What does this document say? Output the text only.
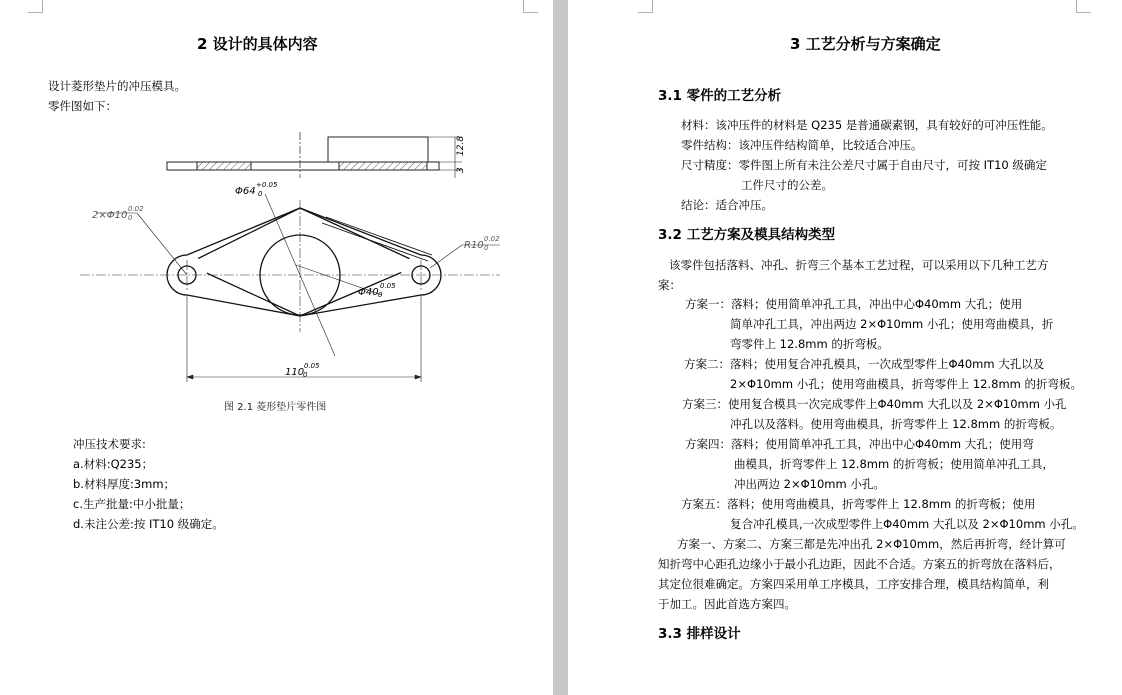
2 设计的具体内容
设计菱形垫片的冲压模具。
零件图如下：
12.8
3
Φ64
+0.05
0
2×Φ10
0.02
0
R10
0.02
0
Φ40
0.05
0
110
0.05
0
图 2.1 菱形垫片零件图
冲压技术要求:
a.材料:Q235；
b.材料厚度:3mm；
c.生产批量:中小批量；
d.未注公差:按 IT10 级确定。
3 工艺分析与方案确定
3.1 零件的工艺分析
材料：该冲压件的材料是 Q235 是普通碳素钢，具有较好的可冲压性能。
零件结构：该冲压件结构简单，比较适合冲压。
尺寸精度：零件图上所有未注公差尺寸属于自由尺寸，可按 IT10 级确定
工件尺寸的公差。
结论：适合冲压。
3.2 工艺方案及模具结构类型
该零件包括落料、冲孔、折弯三个基本工艺过程，可以采用以下几种工艺方
案：
方案一：落料；使用简单冲孔工具，冲出中心Φ40mm 大孔；使用
简单冲孔工具，冲出两边 2×Φ10mm 小孔；使用弯曲模具，折
弯零件上 12.8mm 的折弯板。
方案二：落料；使用复合冲孔模具，一次成型零件上Φ40mm 大孔以及
2×Φ10mm 小孔；使用弯曲模具，折弯零件上 12.8mm 的折弯板。
方案三：使用复合模具一次完成零件上Φ40mm 大孔以及 2×Φ10mm 小孔
冲孔以及落料。使用弯曲模具，折弯零件上 12.8mm 的折弯板。
方案四：落料；使用简单冲孔工具，冲出中心Φ40mm 大孔；使用弯
曲模具，折弯零件上 12.8mm 的折弯板；使用简单冲孔工具，
冲出两边 2×Φ10mm 小孔。
方案五：落料；使用弯曲模具，折弯零件上 12.8mm 的折弯板；使用
复合冲孔模具,一次成型零件上Φ40mm 大孔以及 2×Φ10mm 小孔。
方案一、方案二、方案三都是先冲出孔 2×Φ10mm，然后再折弯，经计算可
知折弯中心距孔边缘小于最小孔边距，因此不合适。方案五的折弯放在落料后，
其定位很难确定。方案四采用单工序模具，工序安排合理，模具结构简单，利
于加工。因此首选方案四。
3.3 排样设计
